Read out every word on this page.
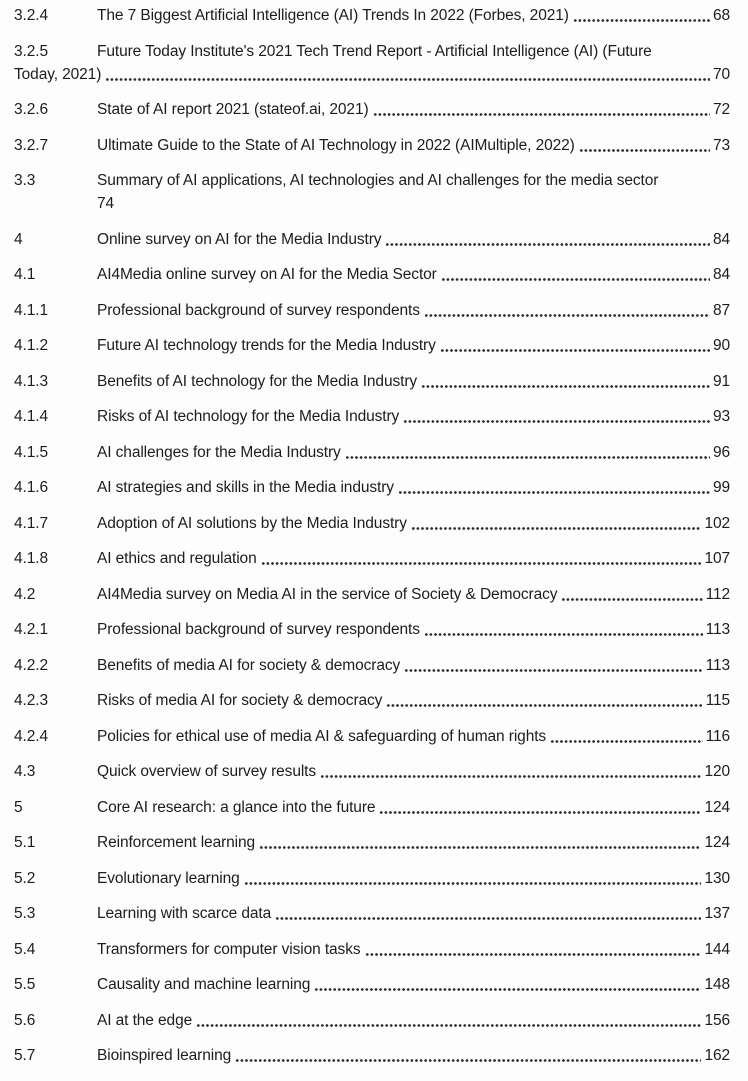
3.2.4	The 7 Biggest Artificial Intelligence (AI) Trends In 2022 (Forbes, 2021)	68
3.2.5	Future Today Institute's 2021 Tech Trend Report - Artificial Intelligence (AI) (Future
Today, 2021)	70
3.2.6	State of AI report 2021 (stateof.ai, 2021)	72
3.2.7	Ultimate Guide to the State of AI Technology in 2022 (AIMultiple, 2022)	73
3.3	Summary of AI applications, AI technologies and AI challenges for the media sector
74
4	Online survey on AI for the Media Industry	84
4.1	AI4Media online survey on AI for the Media Sector	84
4.1.1	Professional background of survey respondents	87
4.1.2	Future AI technology trends for the Media Industry	90
4.1.3	Benefits of AI technology for the Media Industry	91
4.1.4	Risks of AI technology for the Media Industry	93
4.1.5	AI challenges for the Media Industry	96
4.1.6	AI strategies and skills in the Media industry	99
4.1.7	Adoption of AI solutions by the Media Industry	102
4.1.8	AI ethics and regulation	107
4.2	AI4Media survey on Media AI in the service of Society & Democracy	112
4.2.1	Professional background of survey respondents	113
4.2.2	Benefits of media AI for society & democracy	113
4.2.3	Risks of media AI for society & democracy	115
4.2.4	Policies for ethical use of media AI & safeguarding of human rights	116
4.3	Quick overview of survey results	120
5	Core AI research: a glance into the future	124
5.1	Reinforcement learning	124
5.2	Evolutionary learning	130
5.3	Learning with scarce data	137
5.4	Transformers for computer vision tasks	144
5.5	Causality and machine learning	148
5.6	AI at the edge	156
5.7	Bioinspired learning	162
